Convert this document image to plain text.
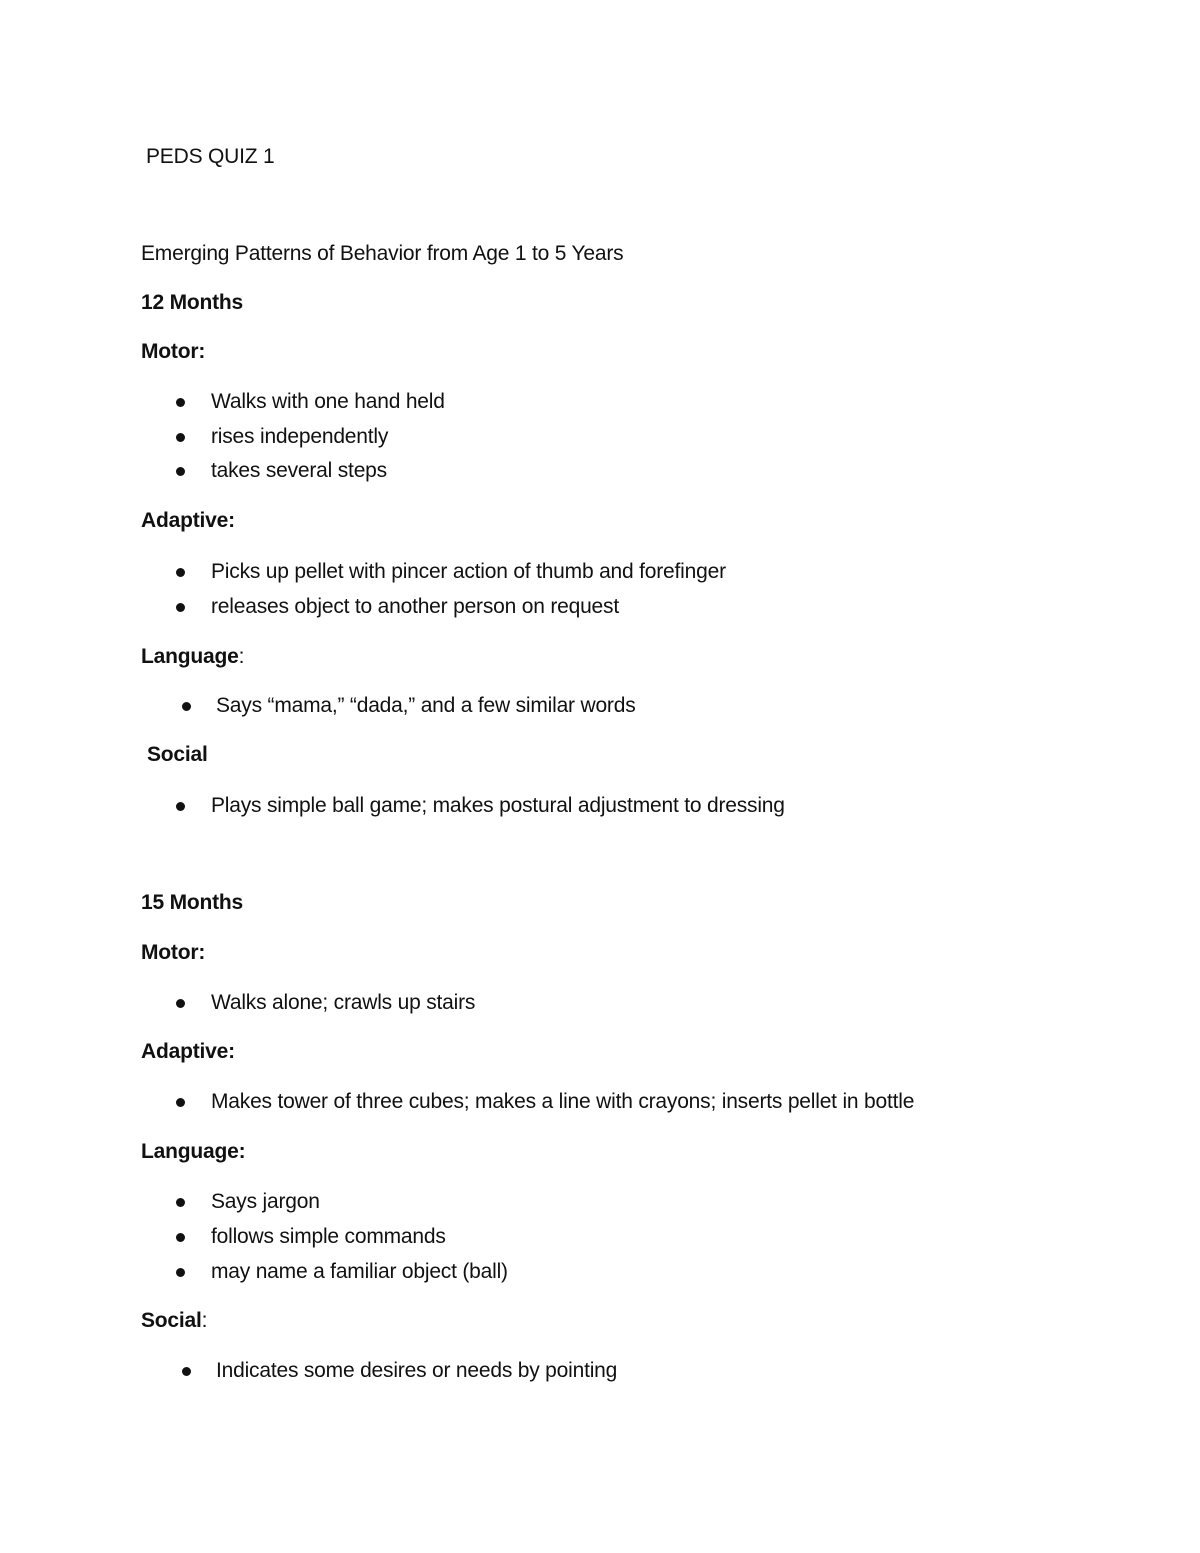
PEDS QUIZ 1
Emerging Patterns of Behavior from Age 1 to 5 Years
12 Months
Motor:
Walks with one hand held
rises independently
takes several steps
Adaptive:
Picks up pellet with pincer action of thumb and forefinger
releases object to another person on request
Language:
Says “mama,” “dada,” and a few similar words
Social
Plays simple ball game; makes postural adjustment to dressing
15 Months
Motor:
Walks alone; crawls up stairs
Adaptive:
Makes tower of three cubes; makes a line with crayons; inserts pellet in bottle
Language:
Says jargon
follows simple commands
may name a familiar object (ball)
Social:
Indicates some desires or needs by pointing
